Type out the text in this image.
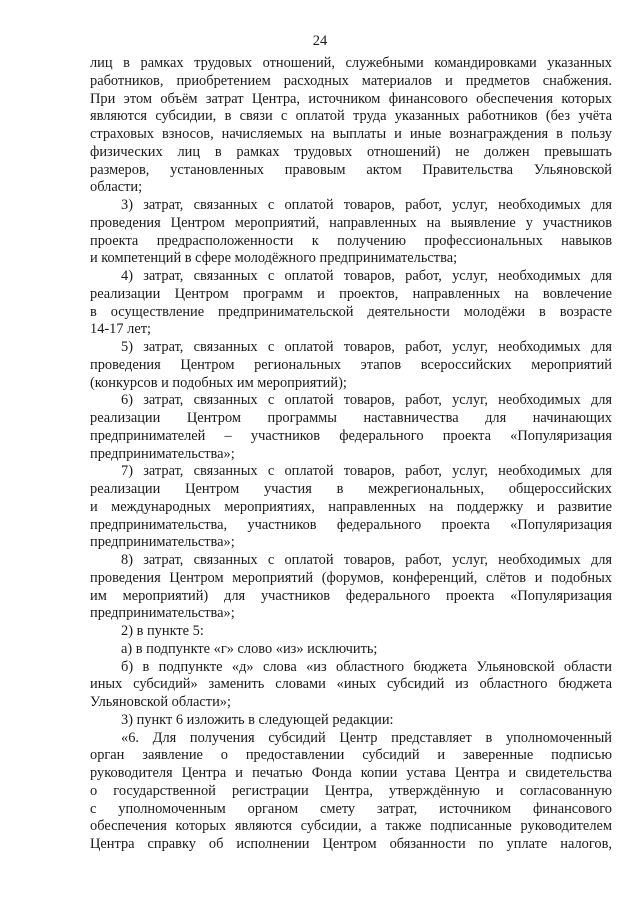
24
лиц в рамках трудовых отношений, служебными командировками указанных
работников, приобретением расходных материалов и предметов снабжения.
При этом объём затрат Центра, источником финансового обеспечения которых
являются субсидии, в связи с оплатой труда указанных работников (без учёта
страховых взносов, начисляемых на выплаты и иные вознаграждения в пользу
физических лиц в рамках трудовых отношений) не должен превышать
размеров, установленных правовым актом Правительства Ульяновской
области;
3) затрат, связанных с оплатой товаров, работ, услуг, необходимых для
проведения Центром мероприятий, направленных на выявление у участников
проекта предрасположенности к получению профессиональных навыков
и компетенций в сфере молодёжного предпринимательства;
4) затрат, связанных с оплатой товаров, работ, услуг, необходимых для
реализации Центром программ и проектов, направленных на вовлечение
в осуществление предпринимательской деятельности молодёжи в возрасте
14-17 лет;
5) затрат, связанных с оплатой товаров, работ, услуг, необходимых для
проведения Центром региональных этапов всероссийских мероприятий
(конкурсов и подобных им мероприятий);
6) затрат, связанных с оплатой товаров, работ, услуг, необходимых для
реализации Центром программы наставничества для начинающих
предпринимателей – участников федерального проекта «Популяризация
предпринимательства»;
7) затрат, связанных с оплатой товаров, работ, услуг, необходимых для
реализации Центром участия в межрегиональных, общероссийских
и международных мероприятиях, направленных на поддержку и развитие
предпринимательства, участников федерального проекта «Популяризация
предпринимательства»;
8) затрат, связанных с оплатой товаров, работ, услуг, необходимых для
проведения Центром мероприятий (форумов, конференций, слётов и подобных
им мероприятий) для участников федерального проекта «Популяризация
предпринимательства»;
2) в пункте 5:
а) в подпункте «г» слово «из» исключить;
б) в подпункте «д» слова «из областного бюджета Ульяновской области
иных субсидий» заменить словами «иных субсидий из областного бюджета
Ульяновской области»;
3) пункт 6 изложить в следующей редакции:
«6. Для получения субсидий Центр представляет в уполномоченный
орган заявление о предоставлении субсидий и заверенные подписью
руководителя Центра и печатью Фонда копии устава Центра и свидетельства
о государственной регистрации Центра, утверждённую и согласованную
с уполномоченным органом смету затрат, источником финансового
обеспечения которых являются субсидии, а также подписанные руководителем
Центра справку об исполнении Центром обязанности по уплате налогов,
